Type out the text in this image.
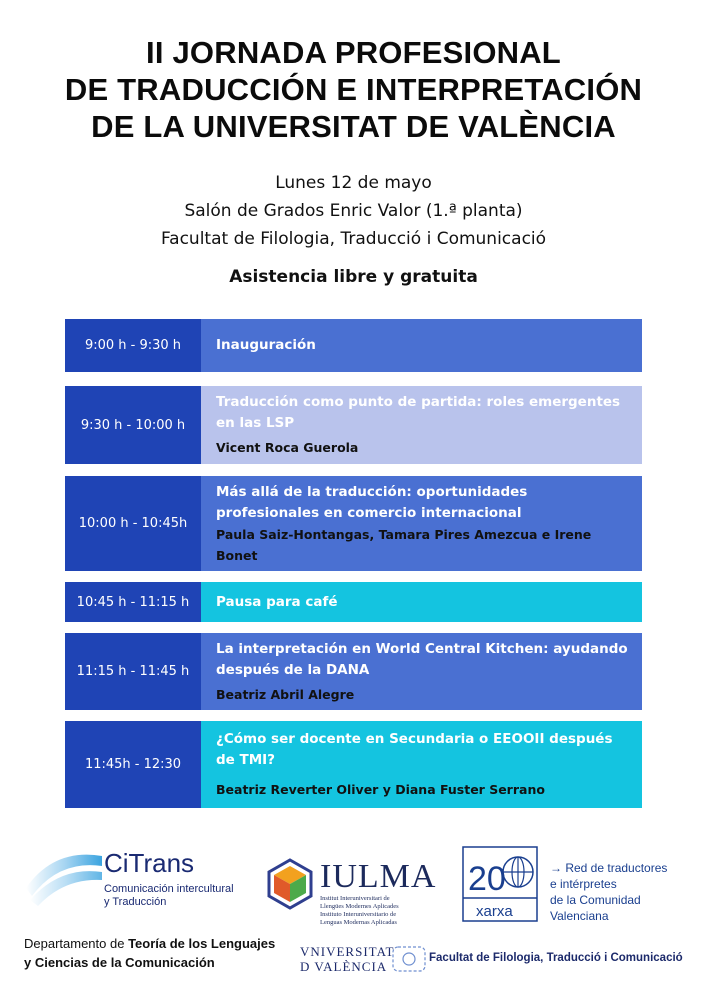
II JORNADA PROFESIONAL
DE TRADUCCIÓN E INTERPRETACIÓN
DE LA UNIVERSITAT DE VALÈNCIA
Lunes 12 de mayo
Salón de Grados Enric Valor (1.ª planta)
Facultat de Filologia, Traducció i Comunicació
Asistencia libre y gratuita
9:00 h - 9:30 h	Inauguración
9:30 h - 10:00 h
Traducción como punto de partida: roles emergentes en las LSP
Vicent Roca Guerola
10:00 h - 10:45h
Más allá de la traducción: oportunidades profesionales en comercio internacional
Paula Saiz-Hontangas, Tamara Pires Amezcua e Irene Bonet
10:45 h - 11:15 h	Pausa para café
11:15 h - 11:45 h
La interpretación en World Central Kitchen: ayudando después de la DANA
Beatriz Abril Alegre
11:45h - 12:30
¿Cómo ser docente en Secundaria o EEOOII después de TMI?
Beatriz Reverter Oliver y Diana Fuster Serrano
CiTrans
Comunicación intercultural
y Traducción
IULMA
Institut Interuniversitari de
Llengües Modernes Aplicades
Instituto Interuniversitario de
Lenguas Modernas Aplicadas
20
xarxa
→ Red de traductores
e intérpretes
de la Comunidad
Valenciana
Departamento de Teoría de los Lenguajes
y Ciencias de la Comunicación
VNIVERSITAT
D VALÈNCIA
Facultat de Filologia, Traducció i Comunicació
